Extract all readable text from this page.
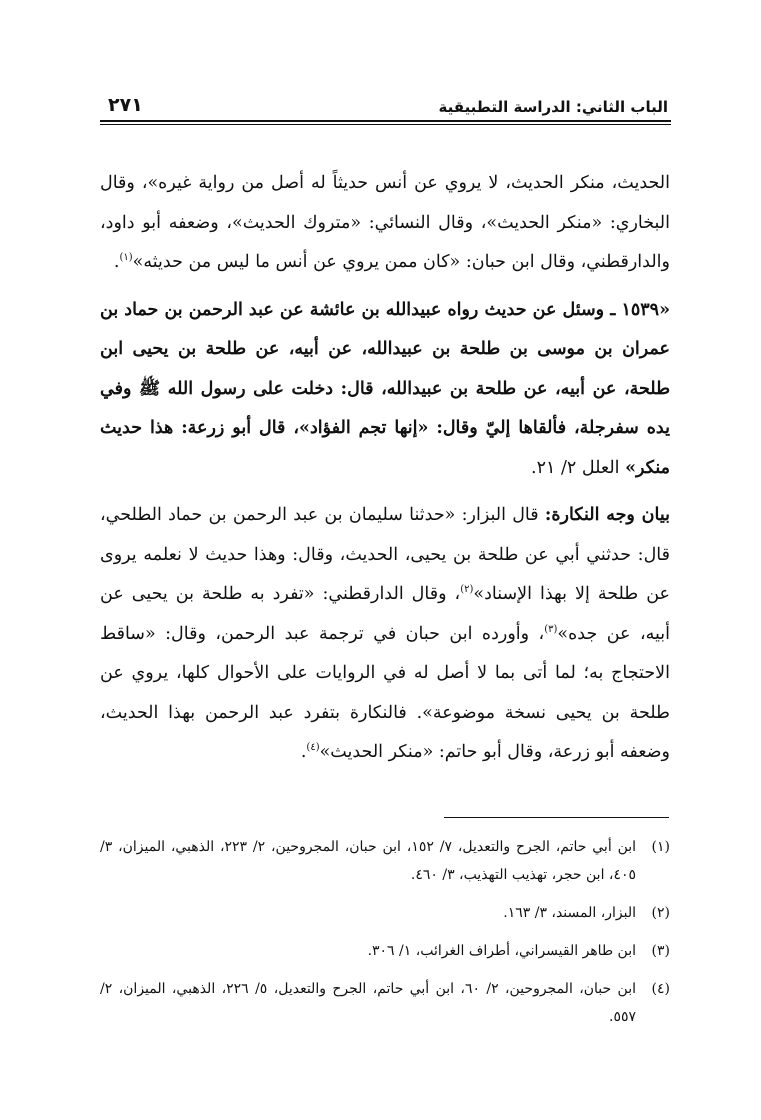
الباب الثاني: الدراسة التطبيقية
٢٧١

الحديث، منكر الحديث، لا يروي عن أنس حديثاً له أصل من رواية غيره»، وقال البخاري: «منكر الحديث»، وقال النسائي: «متروك الحديث»، وضعفه أبو داود، والدارقطني، وقال ابن حبان: «كان ممن يروي عن أنس ما ليس من حديثه»$^{(١)}$.

«١٥٣٩ ـ وسئل عن حديث رواه عبيدالله بن عائشة عن عبد الرحمن بن حماد بن عمران بن موسى بن طلحة بن عبيدالله، عن أبيه، عن طلحة بن يحيى ابن طلحة، عن أبيه، عن طلحة بن عبيدالله، قال: دخلت على رسول الله ﷺ وفي يده سفرجلة، فألقاها إليّ وقال: «إنها تجم الفؤاد»، قال أبو زرعة: هذا حديث منكر» العلل ٢/ ٢١.

بيان وجه النكارة: قال البزار: «حدثنا سليمان بن عبد الرحمن بن حماد الطلحي، قال: حدثني أبي عن طلحة بن يحيى، الحديث، وقال: وهذا حديث لا نعلمه يروى عن طلحة إلا بهذا الإسناد»$^{(٢)}$، وقال الدارقطني: «تفرد به طلحة بن يحيى عن أبيه، عن جده»$^{(٣)}$، وأورده ابن حبان في ترجمة عبد الرحمن، وقال: «ساقط الاحتجاج به؛ لما أتى بما لا أصل له في الروايات على الأحوال كلها، يروي عن طلحة بن يحيى نسخة موضوعة». فالنكارة بتفرد عبد الرحمن بهذا الحديث، وضعفه أبو زرعة، وقال أبو حاتم: «منكر الحديث»$^{(٤)}$.

(١)
ابن أبي حاتم، الجرح والتعديل، ٧/ ١٥٢، ابن حبان، المجروحين، ٢/ ٢٢٣، الذهبي، الميزان، ٣/ ٤٠٥، ابن حجر، تهذيب التهذيب، ٣/ ٤٦٠.
(٢)
البزار، المسند، ٣/ ١٦٣.
(٣)
ابن طاهر القيسراني، أطراف الغرائب، ١/ ٣٠٦.
(٤)
ابن حبان، المجروحين، ٢/ ٦٠، ابن أبي حاتم، الجرح والتعديل، ٥/ ٢٢٦، الذهبي، الميزان، ٢/ ٥٥٧.
